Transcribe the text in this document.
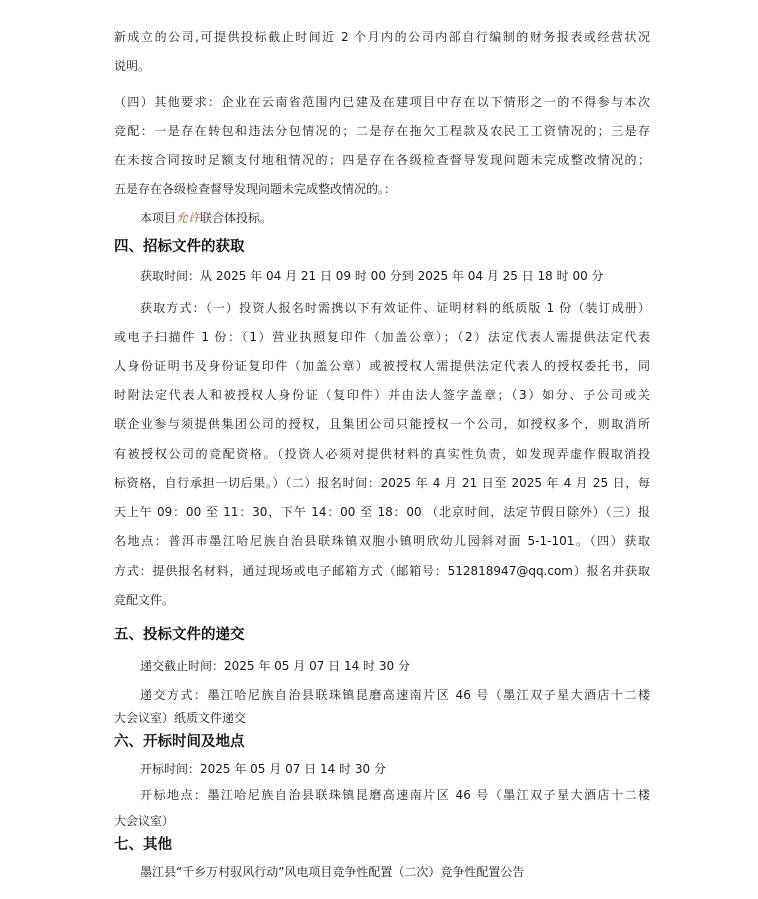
新成立的公司,可提供投标截止时间近 2 个月内的公司内部自行编制的财务报表或经营状况
说明。
（四）其他要求：企业在云南省范围内已建及在建项目中存在以下情形之一的不得参与本次
竞配：一是存在转包和违法分包情况的；二是存在拖欠工程款及农民工工资情况的；三是存
在未按合同按时足额支付地租情况的；四是存在各级检查督导发现问题未完成整改情况的；
五是存在各级检查督导发现问题未完成整改情况的。：
本项目允许联合体投标。
四、招标文件的获取
获取时间：从 2025 年 04 月 21 日 09 时 00 分到 2025 年 04 月 25 日 18 时 00 分
获取方式：（一）投资人报名时需携以下有效证件、证明材料的纸质版 1 份（装订成册）
或电子扫描件 1 份：（1）营业执照复印件（加盖公章）；（2）法定代表人需提供法定代表
人身份证明书及身份证复印件（加盖公章）或被授权人需提供法定代表人的授权委托书，同
时附法定代表人和被授权人身份证（复印件）并由法人签字盖章；（3）如分、子公司或关
联企业参与须提供集团公司的授权，且集团公司只能授权一个公司，如授权多个，则取消所
有被授权公司的竞配资格。（投资人必须对提供材料的真实性负责，如发现弄虚作假取消投
标资格，自行承担一切后果。）（二）报名时间：2025 年 4 月 21 日至 2025 年 4 月 25 日，每
天上午 09：00 至 11：30，下午 14：00 至 18：00 （北京时间，法定节假日除外）（三）报
名地点：普洱市墨江哈尼族自治县联珠镇双胞小镇明欣幼儿园斜对面 5-1-101。（四）获取
方式：提供报名材料，通过现场或电子邮箱方式（邮箱号：512818947@qq.com）报名并获取
竞配文件。
五、投标文件的递交
递交截止时间：2025 年 05 月 07 日 14 时 30 分
递交方式：墨江哈尼族自治县联珠镇昆磨高速南片区 46 号（墨江双子星大酒店十二楼
大会议室）纸质文件递交
六、开标时间及地点
开标时间：2025 年 05 月 07 日 14 时 30 分
开标地点：墨江哈尼族自治县联珠镇昆磨高速南片区 46 号（墨江双子星大酒店十二楼
大会议室）
七、其他
墨江县“千乡万村驭风行动”风电项目竞争性配置（二次）竞争性配置公告
